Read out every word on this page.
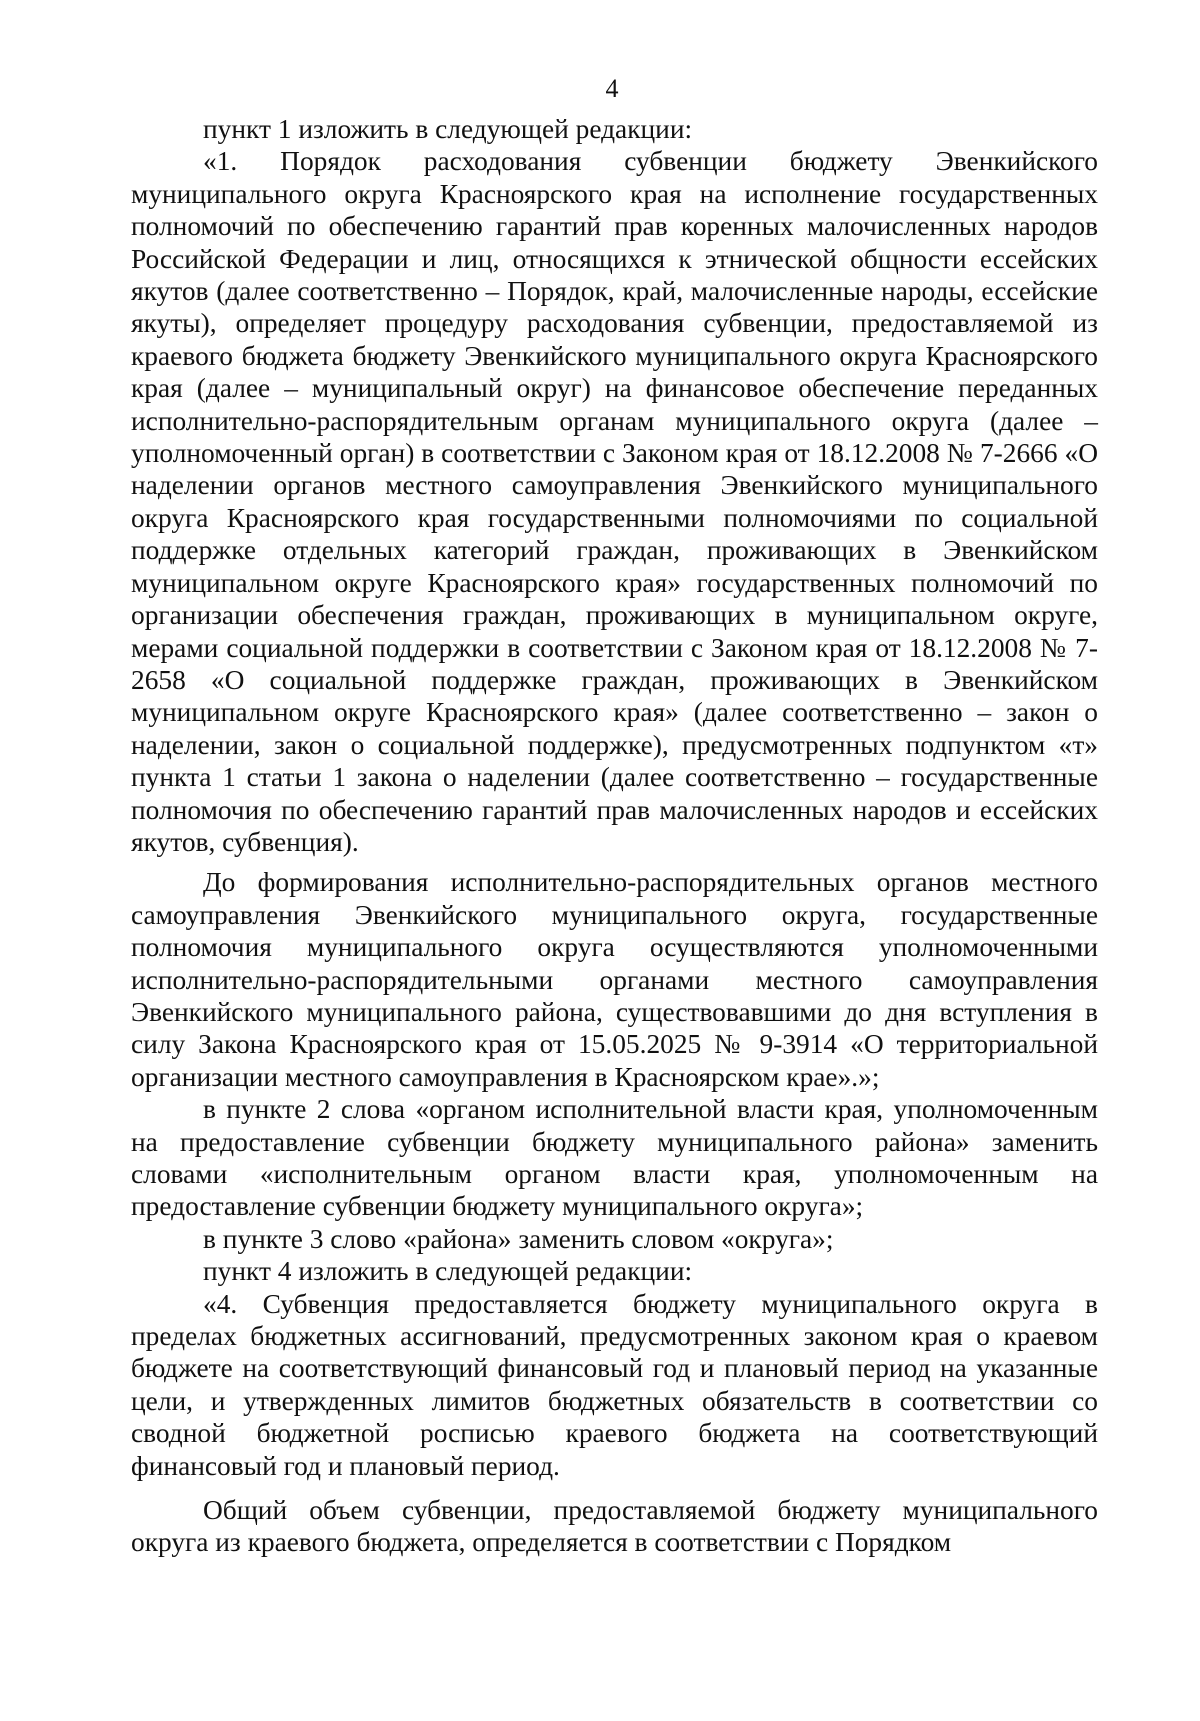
4

пункт 1 изложить в следующей редакции:

«1. Порядок расходования субвенции бюджету Эвенкийского муниципального округа Красноярского края на исполнение государственных полномочий по обеспечению гарантий прав коренных малочисленных народов Российской Федерации и лиц, относящихся к этнической общности ессейских якутов (далее соответственно – Порядок, край, малочисленные народы, ессейские якуты), определяет процедуру расходования субвенции, предоставляемой из краевого бюджета бюджету Эвенкийского муниципального округа Красноярского края (далее – муниципальный округ) на финансовое обеспечение переданных исполнительно-распорядительным органам муниципального округа (далее – уполномоченный орган) в соответствии с Законом края от 18.12.2008 № 7-2666 «О наделении органов местного самоуправления Эвенкийского муниципального округа Красноярского края государственными полномочиями по социальной поддержке отдельных категорий граждан, проживающих в Эвенкийском муниципальном округе Красноярского края» государственных полномочий по организации обеспечения граждан, проживающих в муниципальном округе, мерами социальной поддержки в соответствии с Законом края от 18.12.2008 № 7-2658 «О социальной поддержке граждан, проживающих в Эвенкийском муниципальном округе Красноярского края» (далее соответственно – закон о наделении, закон о социальной поддержке), предусмотренных подпунктом «т» пункта 1 статьи 1 закона о наделении (далее соответственно – государственные полномочия по обеспечению гарантий прав малочисленных народов и ессейских якутов, субвенция).

До формирования исполнительно-распорядительных органов местного самоуправления Эвенкийского муниципального округа, государственные полномочия муниципального округа осуществляются уполномоченными исполнительно-распорядительными органами местного самоуправления Эвенкийского муниципального района, существовавшими до дня вступления в силу Закона Красноярского края от 15.05.2025 № 9-3914 «О территориальной организации местного самоуправления в Красноярском крае».»;

в пункте 2 слова «органом исполнительной власти края, уполномоченным на предоставление субвенции бюджету муниципального района» заменить словами «исполнительным органом власти края, уполномоченным на предоставление субвенции бюджету муниципального округа»;

в пункте 3 слово «района» заменить словом «округа»;

пункт 4 изложить в следующей редакции:

«4. Субвенция предоставляется бюджету муниципального округа в пределах бюджетных ассигнований, предусмотренных законом края о краевом бюджете на соответствующий финансовый год и плановый период на указанные цели, и утвержденных лимитов бюджетных обязательств в соответствии со сводной бюджетной росписью краевого бюджета на соответствующий финансовый год и плановый период.

Общий объем субвенции, предоставляемой бюджету муниципального округа из краевого бюджета, определяется в соответствии с Порядком
